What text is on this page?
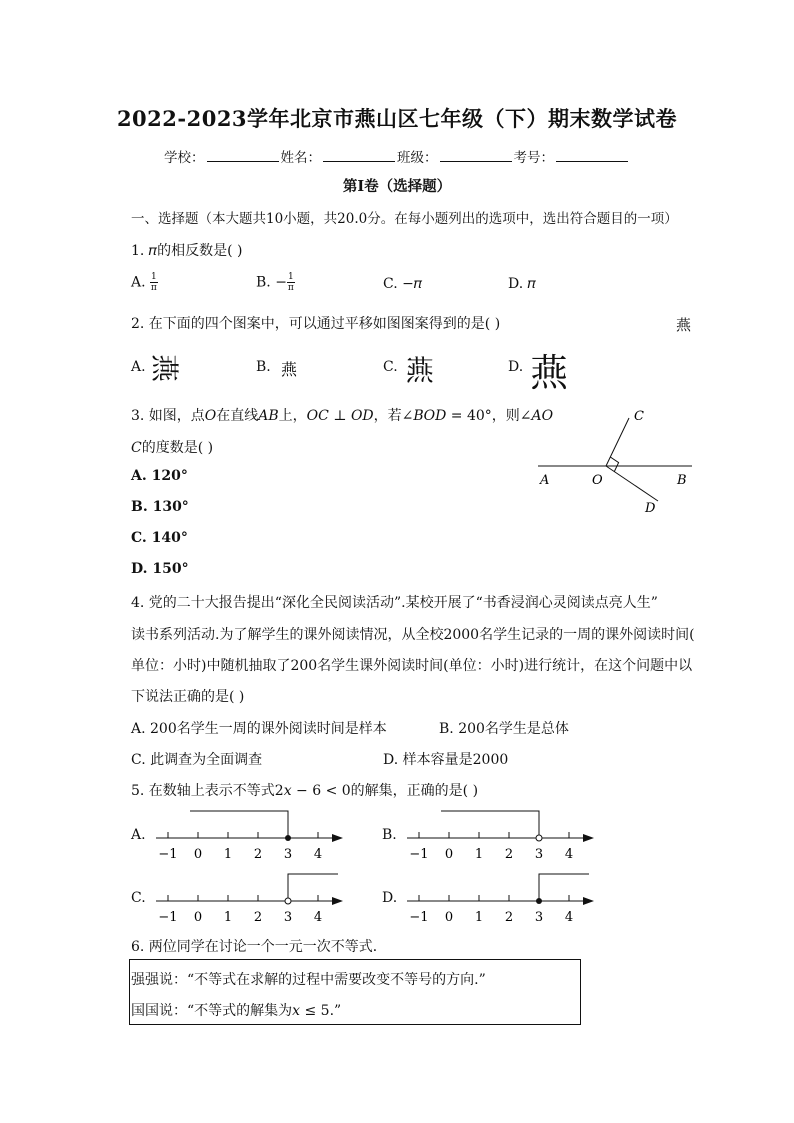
2022-2023学年北京市燕山区七年级（下）期末数学试卷
学校：	姓名：	班级：	考号：
第Ⅰ卷（选择题）
一、选择题（本大题共10小题，共20.0分。在每小题列出的选项中，选出符合题目的一项）
1. 𝜋的相反数是( )
A. $\frac{1}{\pi}$	B. − $\frac{1}{\pi}$	C. −𝜋	D. 𝜋
2. 在下面的四个图案中，可以通过平移如图图案得到的是( )	燕
A. 燕	B. 燕	C. 燕	D. 燕
3. 如图，点𝑂在直线𝐴𝐵上，𝑂𝐶 ⊥ 𝑂𝐷，若∠𝐵𝑂𝐷 = 40°，则∠𝐴𝑂
𝐶的度数是( )
A. 120°
B. 130°
C. 140°
D. 150°
C
A	O	B
D
4. 党的二十大报告提出“深化全民阅读活动”.某校开展了“书香浸润心灵阅读点亮人生”
读书系列活动.为了解学生的课外阅读情况，从全校2000名学生记录的一周的课外阅读时间(
单位：小时)中随机抽取了200名学生课外阅读时间(单位：小时)进行统计，在这个问题中以
下说法正确的是( )
A. 200名学生一周的课外阅读时间是样本	B. 200名学生是总体
C. 此调查为全面调查	D. 样本容量是2000
5. 在数轴上表示不等式2𝑥 − 6 < 0的解集，正确的是( )
A.
−1 0 1 2 3 4
B.
−1 0 1 2 3 4
C.
−1 0 1 2 3 4
D.
−1 0 1 2 3 4
6. 两位同学在讨论一个一元一次不等式．
强强说：“不等式在求解的过程中需要改变不等号的方向.”
国国说：“不等式的解集为𝑥 ≤ 5.”
